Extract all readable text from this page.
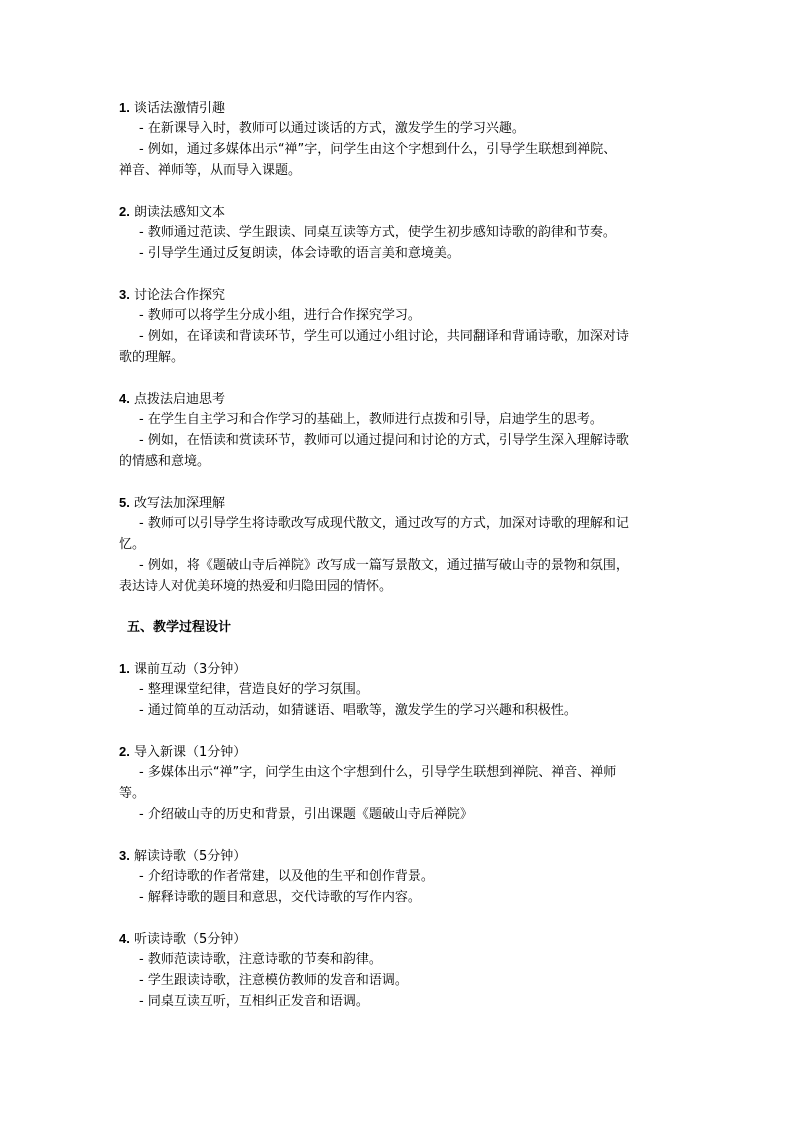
1. 谈话法激情引趣
- 在新课导入时，教师可以通过谈话的方式，激发学生的学习兴趣。
- 例如，通过多媒体出示“禅”字，问学生由这个字想到什么，引导学生联想到禅院、
禅音、禅师等，从而导入课题。
2. 朗读法感知文本
- 教师通过范读、学生跟读、同桌互读等方式，使学生初步感知诗歌的韵律和节奏。
- 引导学生通过反复朗读，体会诗歌的语言美和意境美。
3. 讨论法合作探究
- 教师可以将学生分成小组，进行合作探究学习。
- 例如，在译读和背读环节，学生可以通过小组讨论，共同翻译和背诵诗歌，加深对诗
歌的理解。
4. 点拨法启迪思考
- 在学生自主学习和合作学习的基础上，教师进行点拨和引导，启迪学生的思考。
- 例如，在悟读和赏读环节，教师可以通过提问和讨论的方式，引导学生深入理解诗歌
的情感和意境。
5. 改写法加深理解
- 教师可以引导学生将诗歌改写成现代散文，通过改写的方式，加深对诗歌的理解和记
忆。
- 例如，将《题破山寺后禅院》改写成一篇写景散文，通过描写破山寺的景物和氛围，
表达诗人对优美环境的热爱和归隐田园的情怀。
五、教学过程设计
1. 课前互动（3分钟）
- 整理课堂纪律，营造良好的学习氛围。
- 通过简单的互动活动，如猜谜语、唱歌等，激发学生的学习兴趣和积极性。
2. 导入新课（1分钟）
- 多媒体出示“禅”字，问学生由这个字想到什么，引导学生联想到禅院、禅音、禅师
等。
- 介绍破山寺的历史和背景，引出课题《题破山寺后禅院》
3. 解读诗歌（5分钟）
- 介绍诗歌的作者常建，以及他的生平和创作背景。
- 解释诗歌的题目和意思，交代诗歌的写作内容。
4. 听读诗歌（5分钟）
- 教师范读诗歌，注意诗歌的节奏和韵律。
- 学生跟读诗歌，注意模仿教师的发音和语调。
- 同桌互读互听，互相纠正发音和语调。
